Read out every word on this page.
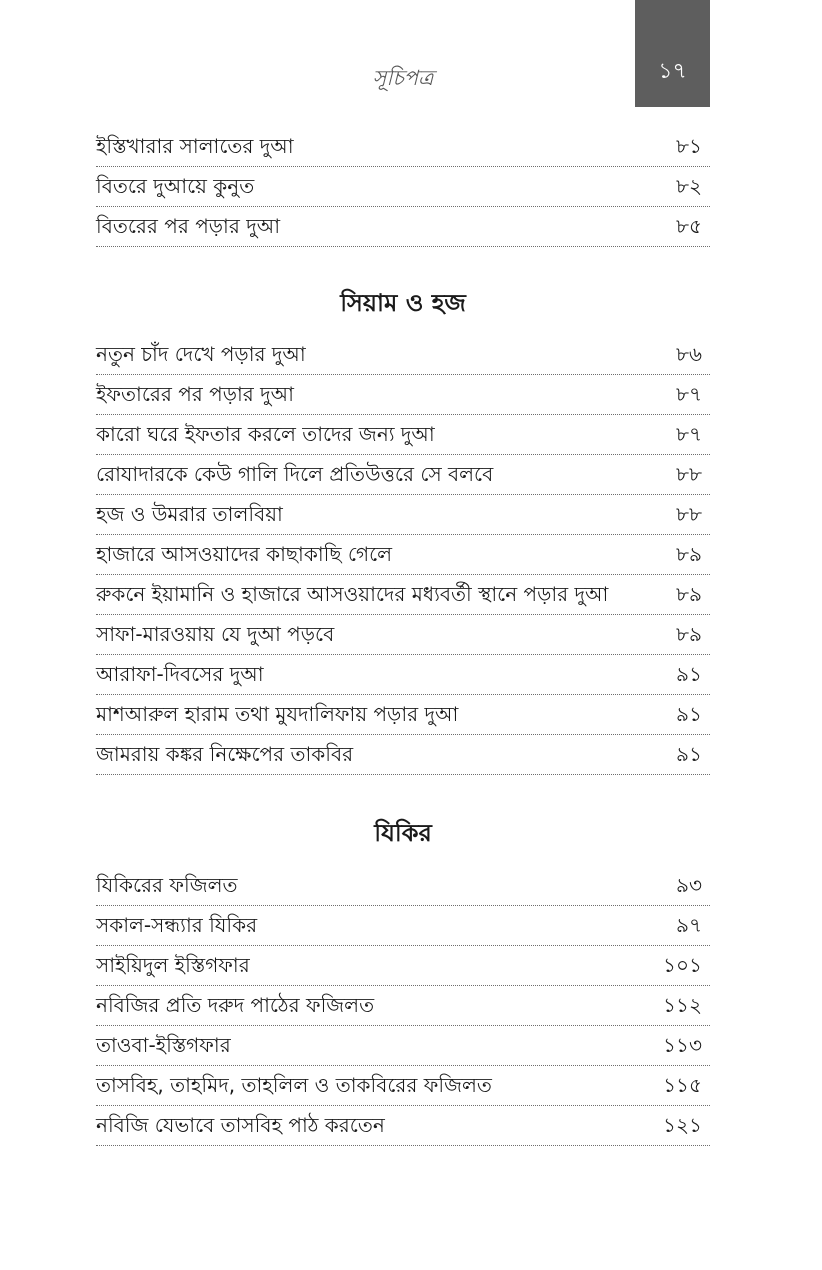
সূচিপত্র	১৭
ইস্তিখারার সালাতের দুআ	৮১
বিতরে দুআয়ে কুনুত	৮২
বিতরের পর পড়ার দুআ	৮৫
সিয়াম ও হজ
নতুন চাঁদ দেখে পড়ার দুআ	৮৬
ইফতারের পর পড়ার দুআ	৮৭
কারো ঘরে ইফতার করলে তাদের জন্য দুআ	৮৭
রোযাদারকে কেউ গালি দিলে প্রতিউত্তরে সে বলবে	৮৮
হজ ও উমরার তালবিয়া	৮৮
হাজারে আসওয়াদের কাছাকাছি গেলে	৮৯
রুকনে ইয়ামানি ও হাজারে আসওয়াদের মধ্যবর্তী স্থানে পড়ার দুআ	৮৯
সাফা-মারওয়ায় যে দুআ পড়বে	৮৯
আরাফা-দিবসের দুআ	৯১
মাশআরুল হারাম তথা মুযদালিফায় পড়ার দুআ	৯১
জামরায় কঙ্কর নিক্ষেপের তাকবির	৯১
যিকির
যিকিরের ফজিলত	৯৩
সকাল-সন্ধ্যার যিকির	৯৭
সাইয়িদুল ইস্তিগফার	১০১
নবিজির প্রতি দরুদ পাঠের ফজিলত	১১২
তাওবা-ইস্তিগফার	১১৩
তাসবিহ, তাহমিদ, তাহলিল ও তাকবিরের ফজিলত	১১৫
নবিজি যেভাবে তাসবিহ পাঠ করতেন	১২১
